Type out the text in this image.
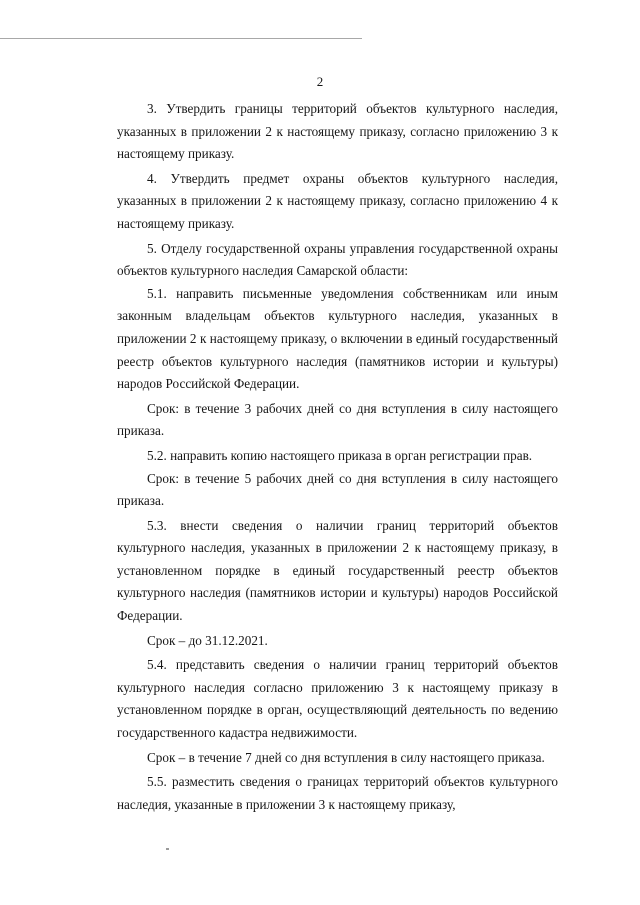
2

3. Утвердить границы территорий объектов культурного наследия, указанных в приложении 2 к настоящему приказу, согласно приложению 3 к настоящему приказу.

4. Утвердить предмет охраны объектов культурного наследия, указанных в приложении 2 к настоящему приказу, согласно приложению 4 к настоящему приказу.

5. Отделу государственной охраны управления государственной охраны объектов культурного наследия Самарской области:

5.1. направить письменные уведомления собственникам или иным законным владельцам объектов культурного наследия, указанных в приложении 2 к настоящему приказу, о включении в единый государственный реестр объектов культурного наследия (памятников истории и культуры) народов Российской Федерации.

Срок: в течение 3 рабочих дней со дня вступления в силу настоящего приказа.

5.2. направить копию настоящего приказа в орган регистрации прав.

Срок: в течение 5 рабочих дней со дня вступления в силу настоящего приказа.

5.3. внести сведения о наличии границ территорий объектов культурного наследия, указанных в приложении 2 к настоящему приказу, в установленном порядке в единый государственный реестр объектов культурного наследия (памятников истории и культуры) народов Российской Федерации.

Срок – до 31.12.2021.

5.4. представить сведения о наличии границ территорий объектов культурного наследия согласно приложению 3 к настоящему приказу в установленном порядке в орган, осуществляющий деятельность по ведению государственного кадастра недвижимости.

Срок – в течение 7 дней со дня вступления в силу настоящего приказа.

5.5. разместить сведения о границах территорий объектов культурного наследия, указанные в приложении 3 к настоящему приказу,
